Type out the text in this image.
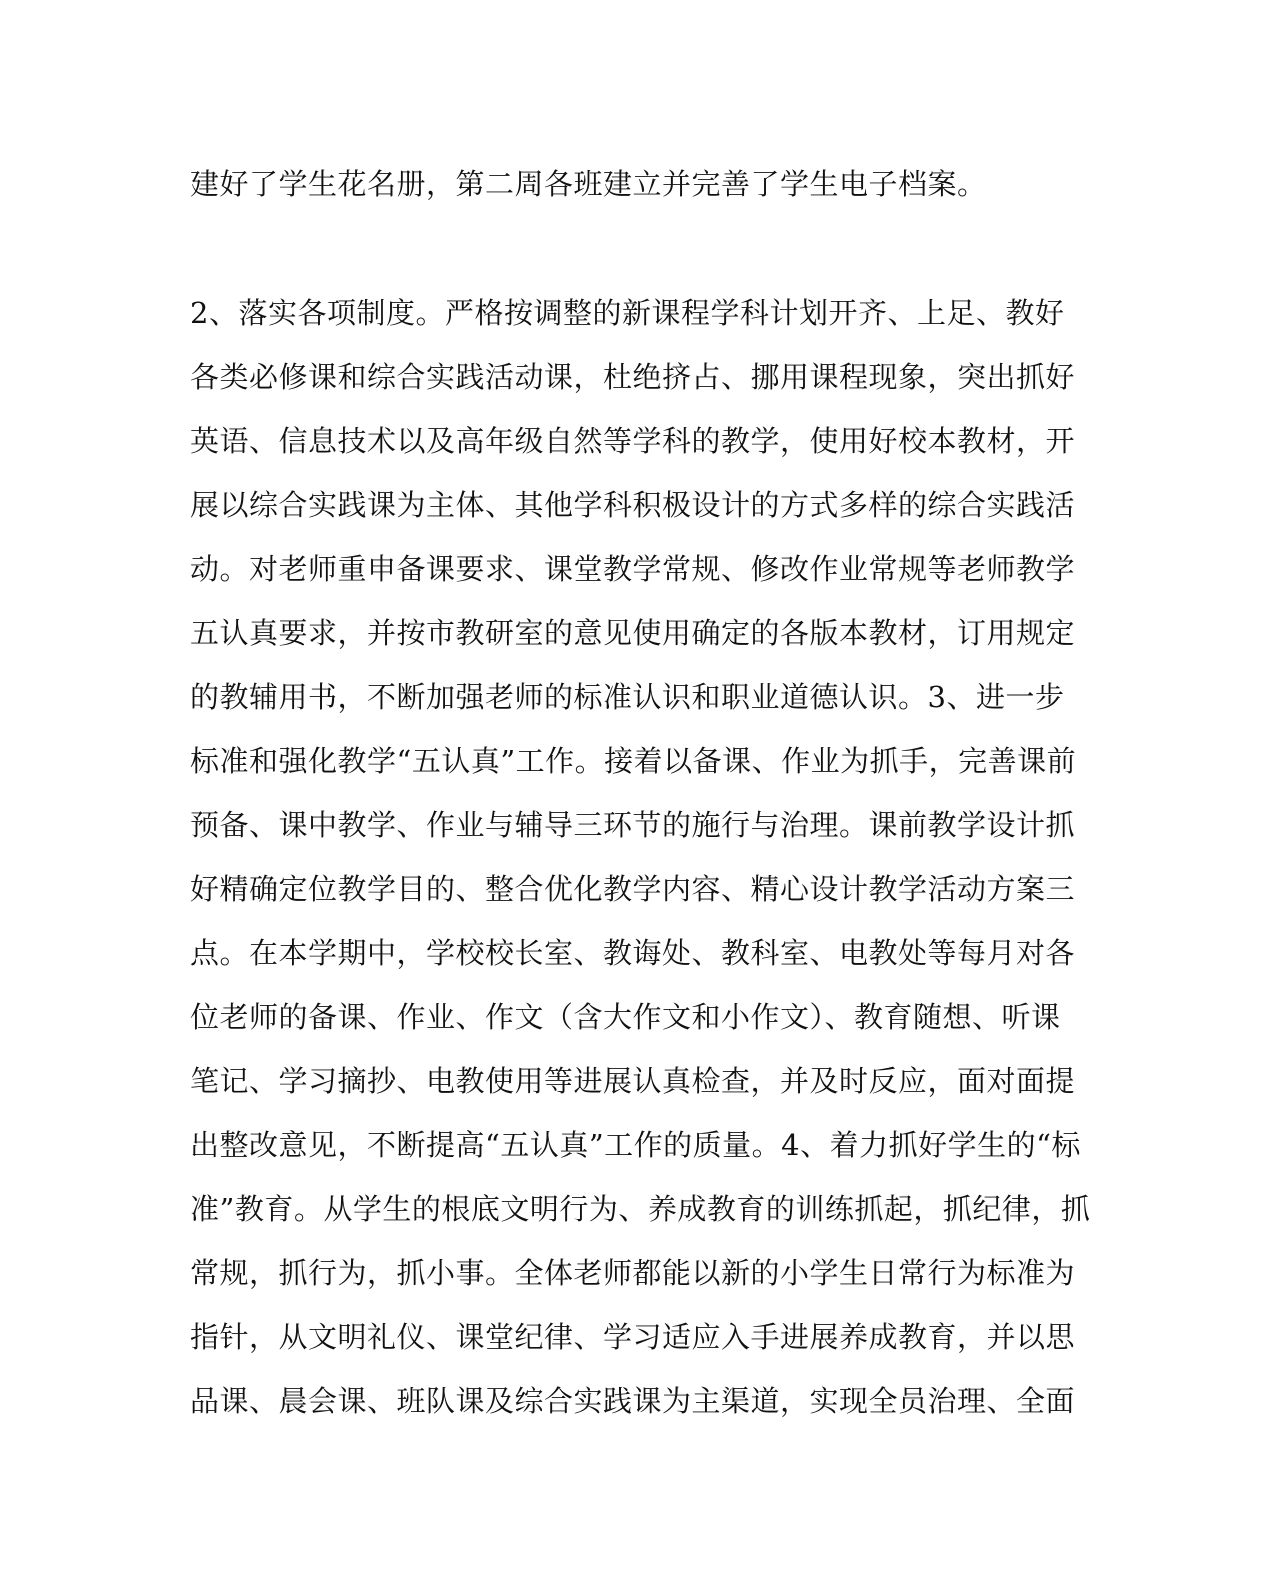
建好了学生花名册，第二周各班建立并完善了学生电子档案。
2、落实各项制度。严格按调整的新课程学科计划开齐、上足、教好
各类必修课和综合实践活动课，杜绝挤占、挪用课程现象，突出抓好
英语、信息技术以及高年级自然等学科的教学，使用好校本教材，开
展以综合实践课为主体、其他学科积极设计的方式多样的综合实践活
动。对老师重申备课要求、课堂教学常规、修改作业常规等老师教学
五认真要求，并按市教研室的意见使用确定的各版本教材，订用规定
的教辅用书，不断加强老师的标准认识和职业道德认识。3、进一步
标准和强化教学“五认真”工作。接着以备课、作业为抓手，完善课前
预备、课中教学、作业与辅导三环节的施行与治理。课前教学设计抓
好精确定位教学目的、整合优化教学内容、精心设计教学活动方案三
点。在本学期中，学校校长室、教诲处、教科室、电教处等每月对各
位老师的备课、作业、作文（含大作文和小作文）、教育随想、听课
笔记、学习摘抄、电教使用等进展认真检查，并及时反应，面对面提
出整改意见，不断提高“五认真”工作的质量。4、着力抓好学生的“标
准”教育。从学生的根底文明行为、养成教育的训练抓起，抓纪律，抓
常规，抓行为，抓小事。全体老师都能以新的小学生日常行为标准为
指针，从文明礼仪、课堂纪律、学习适应入手进展养成教育，并以思
品课、晨会课、班队课及综合实践课为主渠道，实现全员治理、全面
